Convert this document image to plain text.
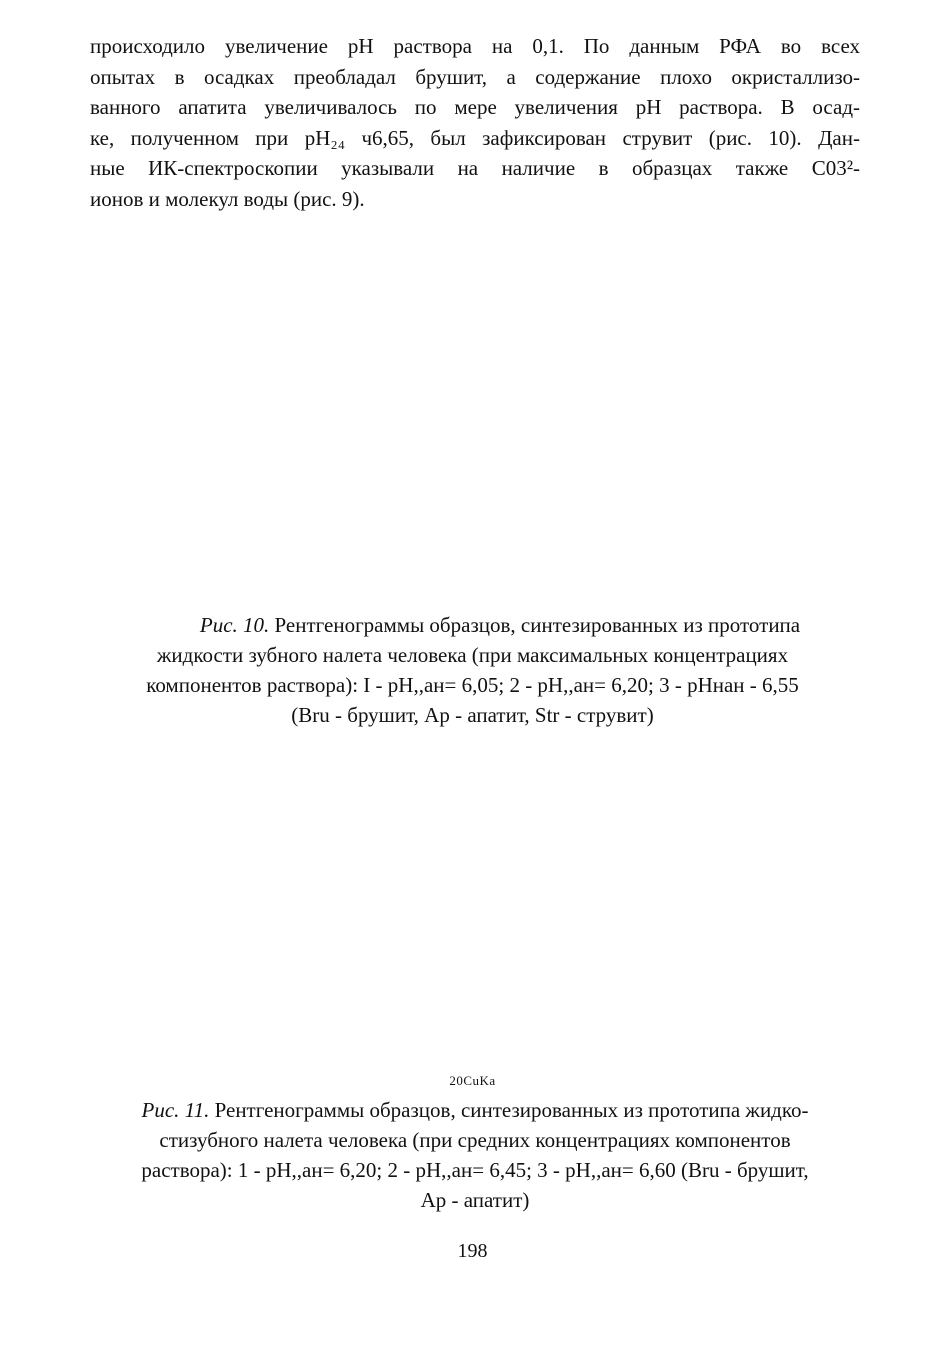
происходило увеличение рН раствора на 0,1. По данным РФА во всех
опытах в осадках преобладал брушит, а содержание плохо окристаллизо-
ванного апатита увеличивалось по мере увеличения рН раствора. В осад-
ке, полученном при рН₂₄ ч6,65, был зафиксирован струвит (рис. 10). Дан-
ные ИК-спектроскопии указывали на наличие в образцах также C03²-
ионов и молекул воды (рис. 9).
Рис. 10. Рентгенограммы образцов, синтезированных из прототипа
жидкости зубного налета человека (при максимальных концентрациях
компонентов раствора): I - рН,,ан= 6,05; 2 - рН,,ан= 6,20; 3 - рНнан - 6,55
(Bru - брушит, Ap - апатит, Str - струвит)
20CuKa
Рис. 11. Рентгенограммы образцов, синтезированных из прототипа жидко-
стизубного налета человека (при средних концентрациях компонентов
раствора): 1 - рН,,ан= 6,20; 2 - рН,,ан= 6,45; 3 - рН,,ан= 6,60 (Bru - брушит,
Ap - апатит)
198
